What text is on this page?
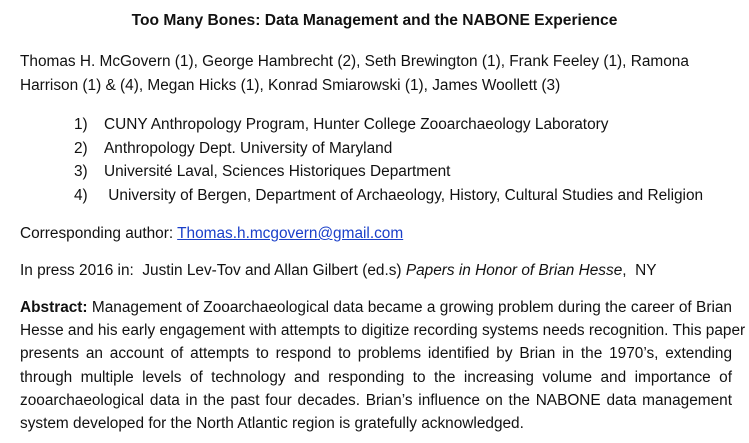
Too Many Bones: Data Management and the NABONE Experience
Thomas H. McGovern (1), George Hambrecht (2), Seth Brewington (1), Frank Feeley (1), Ramona
Harrison (1) & (4), Megan Hicks (1), Konrad Smiarowski (1), James Woollett (3)
1) CUNY Anthropology Program, Hunter College Zooarchaeology Laboratory
2) Anthropology Dept. University of Maryland
3) Université Laval, Sciences Historiques Department
4) University of Bergen, Department of Archaeology, History, Cultural Studies and Religion
Corresponding author: Thomas.h.mcgovern@gmail.com
In press 2016 in:  Justin Lev-Tov and Allan Gilbert (ed.s) Papers in Honor of Brian Hesse,  NY
Abstract: Management of Zooarchaeological data became a growing problem during the career of Brian
Hesse and his early engagement with attempts to digitize recording systems needs recognition. This paper
presents an account of attempts to respond to problems identified by Brian in the 1970’s, extending
through multiple levels of technology and responding to the increasing volume and importance of
zooarchaeological data in the past four decades. Brian’s influence on the NABONE data management
system developed for the North Atlantic region is gratefully acknowledged.
